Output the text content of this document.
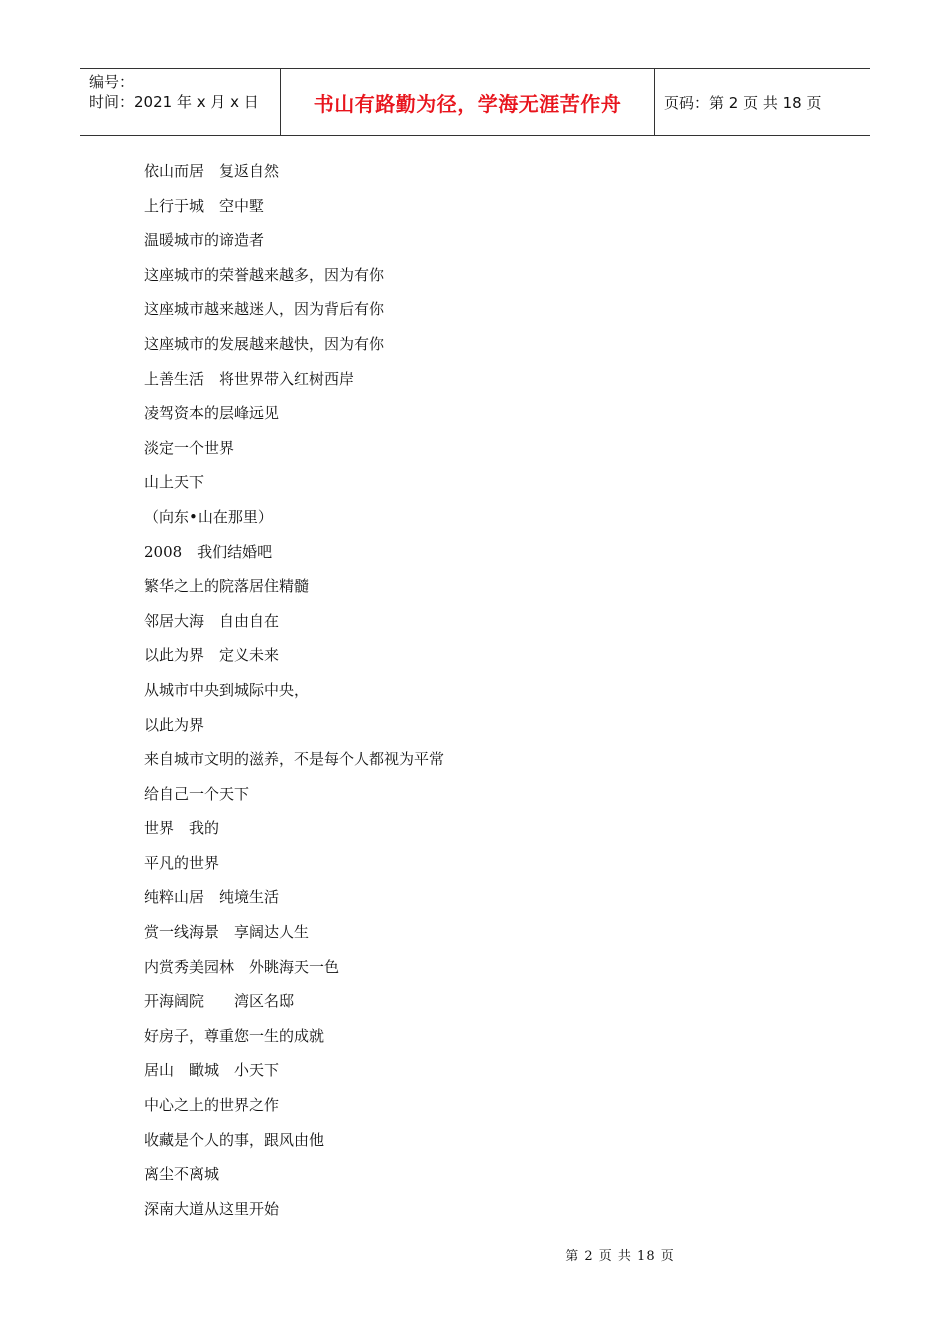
编号：
时间：2021 年 x 月 x 日	书山有路勤为径，学海无涯苦作舟	页码：第 2 页 共 18 页
依山而居　复返自然
上行于城　空中墅
温暖城市的谛造者
这座城市的荣誉越来越多，因为有你
这座城市越来越迷人，因为背后有你
这座城市的发展越来越快，因为有你
上善生活　将世界带入红树西岸
凌驾资本的层峰远见
淡定一个世界
山上天下
（向东•山在那里）
2008　我们结婚吧
繁华之上的院落居住精髓
邻居大海　自由自在
以此为界　定义未来
从城市中央到城际中央，
以此为界
来自城市文明的滋养，不是每个人都视为平常
给自己一个天下
世界　我的
平凡的世界
纯粹山居　纯境生活
赏一线海景　享阔达人生
内赏秀美园林　外眺海天一色
开海阔院　　湾区名邸
好房子，尊重您一生的成就
居山　瞰城　小天下
中心之上的世界之作
收藏是个人的事，跟风由他
离尘不离城
深南大道从这里开始
第 2 页 共 18 页
